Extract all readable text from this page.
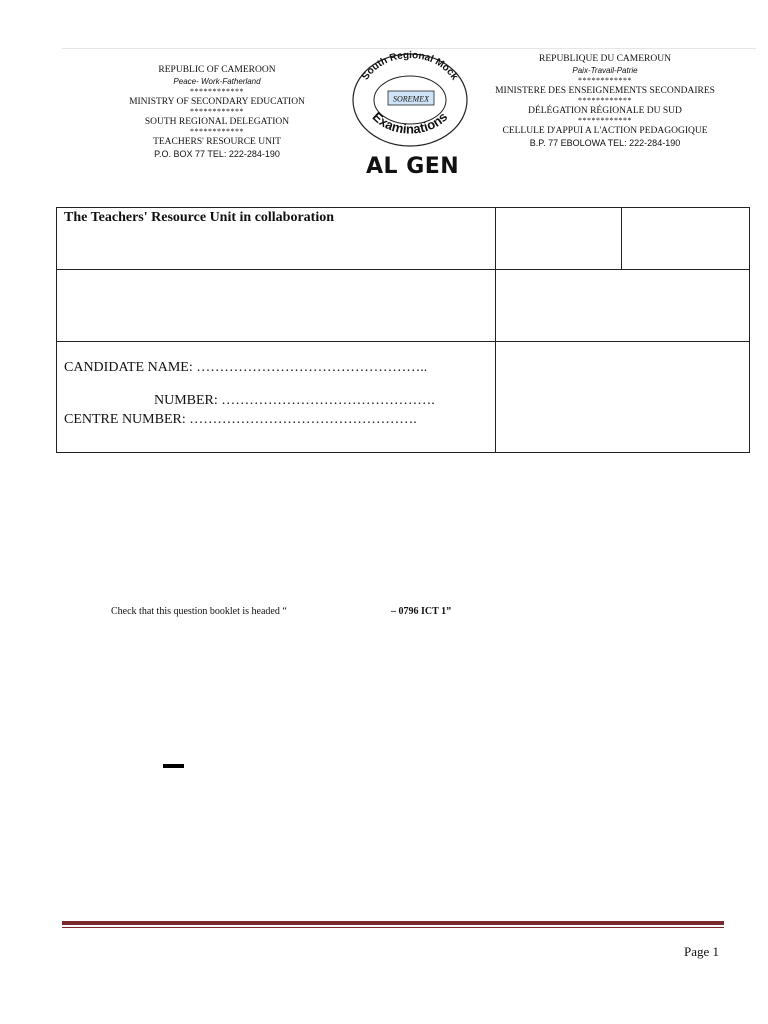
REPUBLIC OF CAMEROON
Peace- Work-Fatherland
************
MINISTRY OF SECONDARY EDUCATION
************
SOUTH REGIONAL DELEGATION
************
TEACHERS' RESOURCE UNIT
P.O. BOX 77 TEL: 222-284-190
South Regional Mock
SOREMEX
Examinations
AL GEN
REPUBLIQUE DU CAMEROUN
Paix-Travail-Patrie
************
MINISTERE DES ENSEIGNEMENTS SECONDAIRES
************
DÉLÉGATION RÉGIONALE DU SUD
************
CELLULE D'APPUI A L'ACTION PEDAGOGIQUE
B.P. 77 EBOLOWA TEL: 222-284-190
The Teachers' Resource Unit in collaboration		

CANDIDATE NAME: …………………………………………..
NUMBER: ……………………………………….
CENTRE NUMBER: ………………………………………….		

Check that this question booklet is headed “	– 0796 ICT 1”
Page 1
